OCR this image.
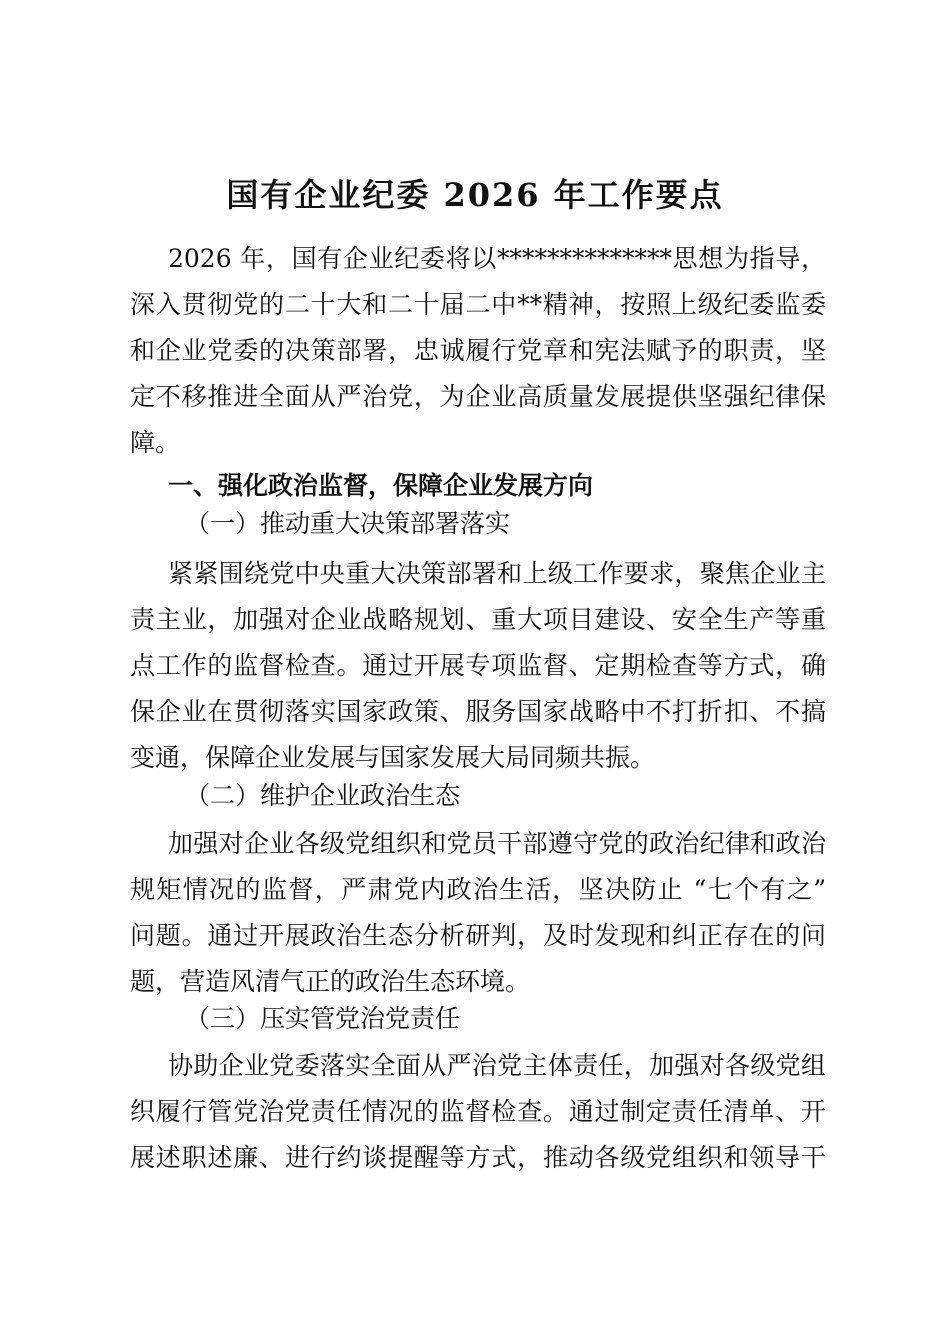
国有企业纪委 2026 年工作要点
2026 年，国有企业纪委将以**************思想为指导，
深入贯彻党的二十大和二十届二中**精神，按照上级纪委监委
和企业党委的决策部署，忠诚履行党章和宪法赋予的职责，坚
定不移推进全面从严治党，为企业高质量发展提供坚强纪律保
障。
一、强化政治监督，保障企业发展方向
（一）推动重大决策部署落实
紧紧围绕党中央重大决策部署和上级工作要求，聚焦企业主
责主业，加强对企业战略规划、重大项目建设、安全生产等重
点工作的监督检查。通过开展专项监督、定期检查等方式，确
保企业在贯彻落实国家政策、服务国家战略中不打折扣、不搞
变通，保障企业发展与国家发展大局同频共振。
（二）维护企业政治生态
加强对企业各级党组织和党员干部遵守党的政治纪律和政治
规矩情况的监督，严肃党内政治生活，坚决防止 “七个有之”
问题。通过开展政治生态分析研判，及时发现和纠正存在的问
题，营造风清气正的政治生态环境。
（三）压实管党治党责任
协助企业党委落实全面从严治党主体责任，加强对各级党组
织履行管党治党责任情况的监督检查。通过制定责任清单、开
展述职述廉、进行约谈提醒等方式，推动各级党组织和领导干
